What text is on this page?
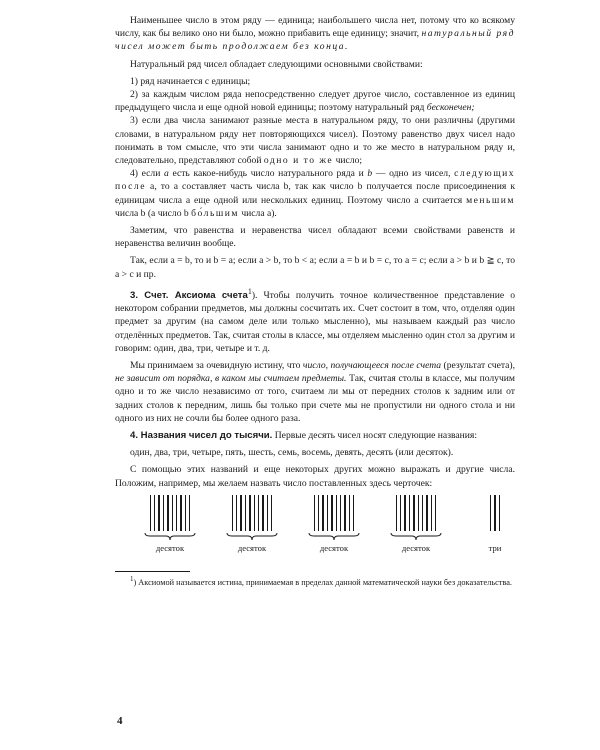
Наименьшее число в этом ряду — единица; наибольшего числа нет, потому что ко всякому числу, как бы велико оно ни было, можно прибавить еще единицу; значит, натуральный ряд чисел может быть продолжаем без конца.

Натуральный ряд чисел обладает следующими основными свойствами:

1) ряд начинается с единицы;

2) за каждым числом ряда непосредственно следует другое число, составленное из единиц предыдущего числа и еще одной новой единицы; поэтому натуральный ряд бесконечен;

3) если два числа занимают разные места в натуральном ряду, то они различны (другими словами, в натуральном ряду нет повторяющихся чисел). Поэтому равенство двух чисел надо понимать в том смысле, что эти числа занимают одно и то же место в натуральном ряду и, следовательно, представляют собой одно и то же число;

4) если a есть какое-нибудь число натурального ряда и b — одно из чисел, следующих после a, то a составляет часть числа b, так как число b получается после присоединения к единицам числа a еще одной или нескольких единиц. Поэтому число a считается меньшим числа b (а число b бо́льшим числа a).

Заметим, что равенства и неравенства чисел обладают всеми свойствами равенств и неравенства величин вообще.

Так, если a = b, то и b = a; если a > b, то b < a; если a = b и b = c, то a = c; если a > b и b ≧ c, то a > c и пр.

3. Счет. Аксиома счета$^1$). Чтобы получить точное количественное представление о некотором собрании предметов, мы должны сосчитать их. Счет состоит в том, что, отделяя один предмет за другим (на самом деле или только мысленно), мы называем каждый раз число отделённых предметов. Так, считая столы в классе, мы отделяем мысленно один стол за другим и говорим: один, два, три, четыре и т. д.

Мы принимаем за очевидную истину, что число, получающееся после счета (результат счета), не зависит от порядка, в каком мы считаем предметы. Так, считая столы в классе, мы получим одно и то же число независимо от того, считаем ли мы от передних столов к задним или от задних столов к передним, лишь бы только при счете мы не пропустили ни одного стола и ни одного из них не сочли бы более одного раза.

4. Названия чисел до тысячи. Первые десять чисел носят следующие названия:

один, два, три, четыре, пять, шесть, семь, восемь, девять, десять (или десяток).

С помощью этих названий и еще некоторых других можно выражать и другие числа. Положим, например, мы желаем назвать число поставленных здесь черточек:

десяток	десяток	десяток	десяток	три

$^1$) Аксиомой называется истина, принимаемая в пределах данной математической науки без доказательства.

4
